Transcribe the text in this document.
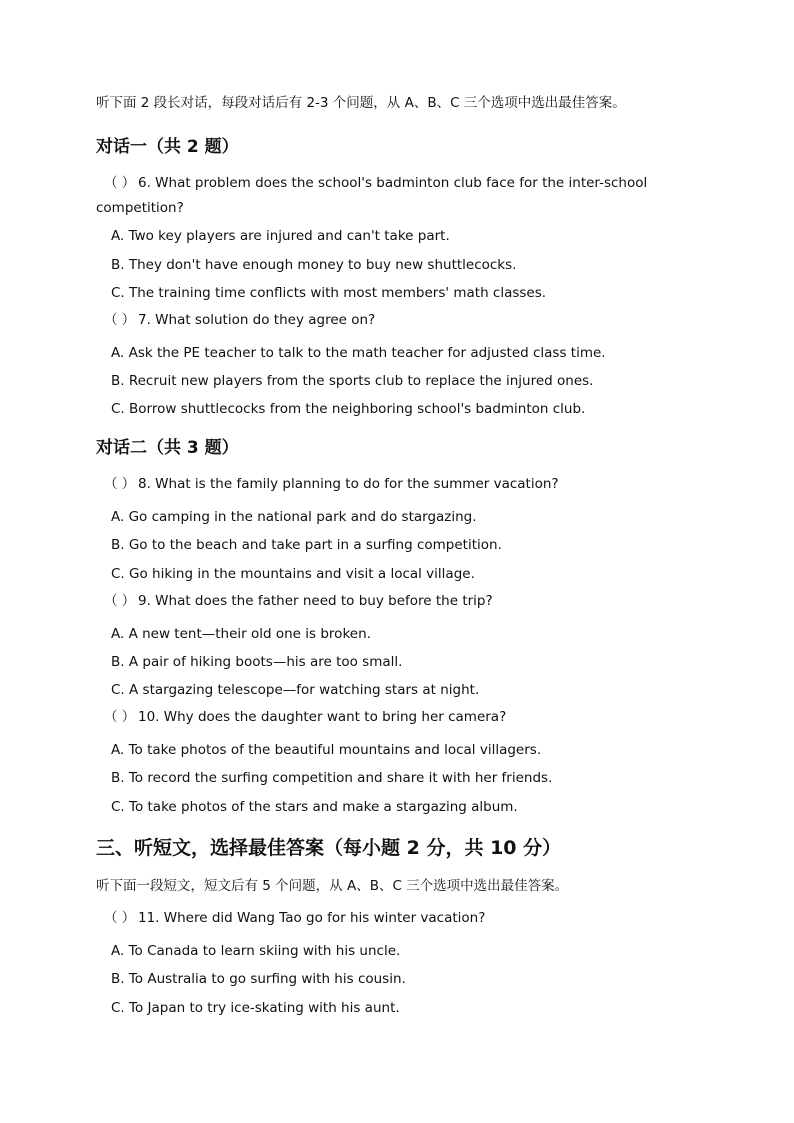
听下面 2 段长对话，每段对话后有 2-3 个问题，从 A、B、C 三个选项中选出最佳答案。
对话一（共 2 题）
（ ） 6. What problem does the school's badminton club face for the inter-school
competition?
A. Two key players are injured and can't take part.
B. They don't have enough money to buy new shuttlecocks.
C. The training time conflicts with most members' math classes.
（ ） 7. What solution do they agree on?
A. Ask the PE teacher to talk to the math teacher for adjusted class time.
B. Recruit new players from the sports club to replace the injured ones.
C. Borrow shuttlecocks from the neighboring school's badminton club.
对话二（共 3 题）
（ ） 8. What is the family planning to do for the summer vacation?
A. Go camping in the national park and do stargazing.
B. Go to the beach and take part in a surfing competition.
C. Go hiking in the mountains and visit a local village.
（ ） 9. What does the father need to buy before the trip?
A. A new tent—their old one is broken.
B. A pair of hiking boots—his are too small.
C. A stargazing telescope—for watching stars at night.
（ ） 10. Why does the daughter want to bring her camera?
A. To take photos of the beautiful mountains and local villagers.
B. To record the surfing competition and share it with her friends.
C. To take photos of the stars and make a stargazing album.
三、听短文，选择最佳答案（每小题 2 分，共 10 分）
听下面一段短文，短文后有 5 个问题，从 A、B、C 三个选项中选出最佳答案。
（ ） 11. Where did Wang Tao go for his winter vacation?
A. To Canada to learn skiing with his uncle.
B. To Australia to go surfing with his cousin.
C. To Japan to try ice-skating with his aunt.
